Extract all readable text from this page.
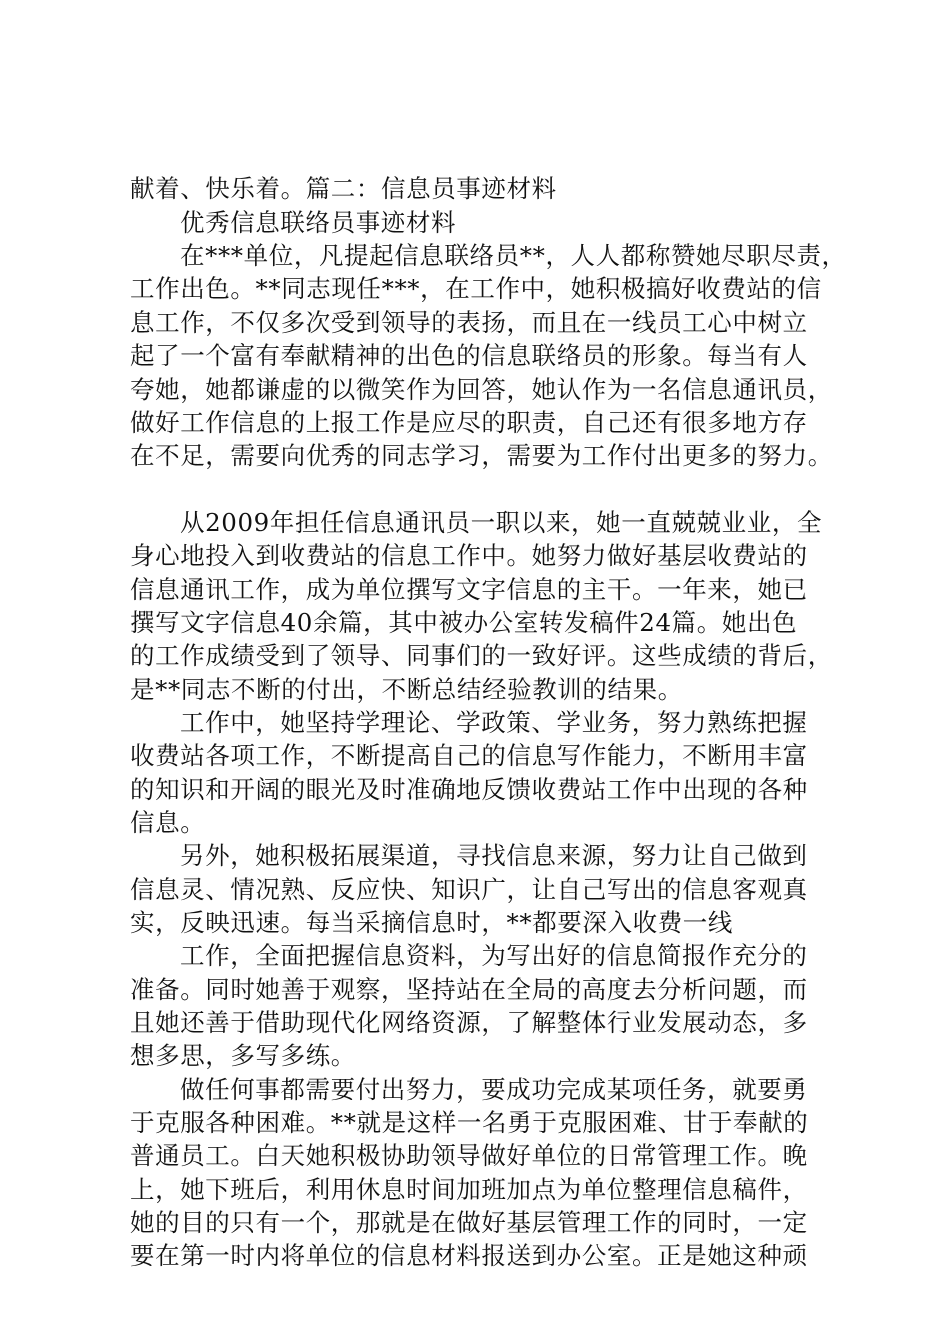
献着、快乐着。篇二：信息员事迹材料
优秀信息联络员事迹材料
在***单位，凡提起信息联络员**，人人都称赞她尽职尽责，
工作出色。**同志现任***，在工作中，她积极搞好收费站的信
息工作，不仅多次受到领导的表扬，而且在一线员工心中树立
起了一个富有奉献精神的出色的信息联络员的形象。每当有人
夸她，她都谦虚的以微笑作为回答，她认作为一名信息通讯员，
做好工作信息的上报工作是应尽的职责，自己还有很多地方存
在不足，需要向优秀的同志学习，需要为工作付出更多的努力。
从2009年担任信息通讯员一职以来，她一直兢兢业业，全
身心地投入到收费站的信息工作中。她努力做好基层收费站的
信息通讯工作，成为单位撰写文字信息的主干。一年来，她已
撰写文字信息40余篇，其中被办公室转发稿件24篇。她出色
的工作成绩受到了领导、同事们的一致好评。这些成绩的背后，
是**同志不断的付出，不断总结经验教训的结果。
工作中，她坚持学理论、学政策、学业务，努力熟练把握
收费站各项工作，不断提高自己的信息写作能力，不断用丰富
的知识和开阔的眼光及时准确地反馈收费站工作中出现的各种
信息。
另外，她积极拓展渠道，寻找信息来源，努力让自己做到
信息灵、情况熟、反应快、知识广，让自己写出的信息客观真
实，反映迅速。每当采摘信息时，**都要深入收费一线
工作，全面把握信息资料，为写出好的信息简报作充分的
准备。同时她善于观察，坚持站在全局的高度去分析问题，而
且她还善于借助现代化网络资源，了解整体行业发展动态，多
想多思，多写多练。
做任何事都需要付出努力，要成功完成某项任务，就要勇
于克服各种困难。**就是这样一名勇于克服困难、甘于奉献的
普通员工。白天她积极协助领导做好单位的日常管理工作。晚
上，她下班后，利用休息时间加班加点为单位整理信息稿件，
她的目的只有一个，那就是在做好基层管理工作的同时，一定
要在第一时内将单位的信息材料报送到办公室。正是她这种顽
